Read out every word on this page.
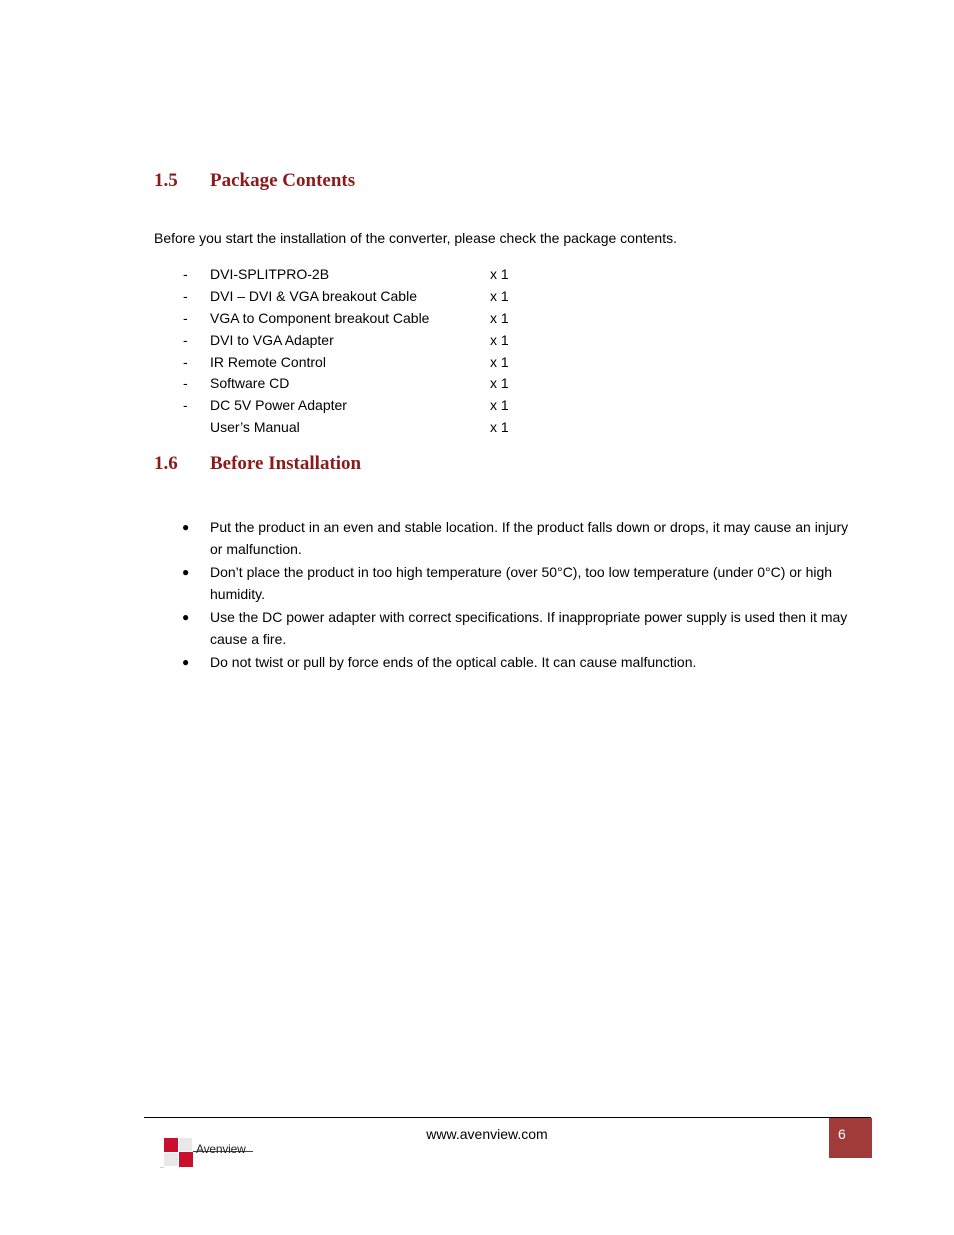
1.5 Package Contents

Before you start the installation of the converter, please check the package contents.

- DVI-SPLITPRO-2B	x 1
- DVI – DVI & VGA breakout Cable	x 1
- VGA to Component breakout Cable	x 1
- DVI to VGA Adapter	x 1
- IR Remote Control	x 1
- Software CD	x 1
- DC 5V Power Adapter	x 1
User’s Manual	x 1
1.6 Before Installation
● Put the product in an even and stable location. If the product falls down or drops, it may cause an injury or malfunction.
● Don’t place the product in too high temperature (over 50°C), too low temperature (under 0°C) or high humidity.
● Use the DC power adapter with correct specifications. If inappropriate power supply is used then it may cause a fire.
● Do not twist or pull by force ends of the optical cable. It can cause malfunction.
www.avenview.com	6
Avenview
